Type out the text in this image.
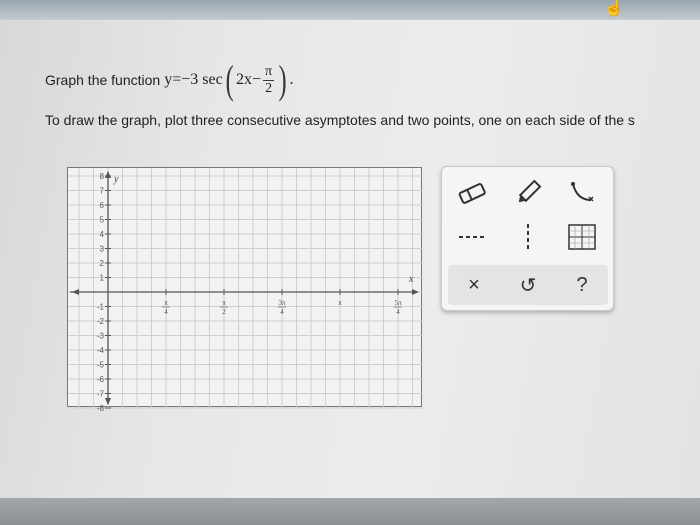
☝
Graph the function y=−3 sec ( $2x- \frac{\pi}{2}$ ) .
To draw the graph, plot three consecutive asymptotes and two points, one on each side of the s
y
x
8
7
6
5
4
3
2
1
-1
-2
-3
-4
-5
-6
-7
-8
π
4
π
2
3π
4
π	5π
4
× ↺ ?
